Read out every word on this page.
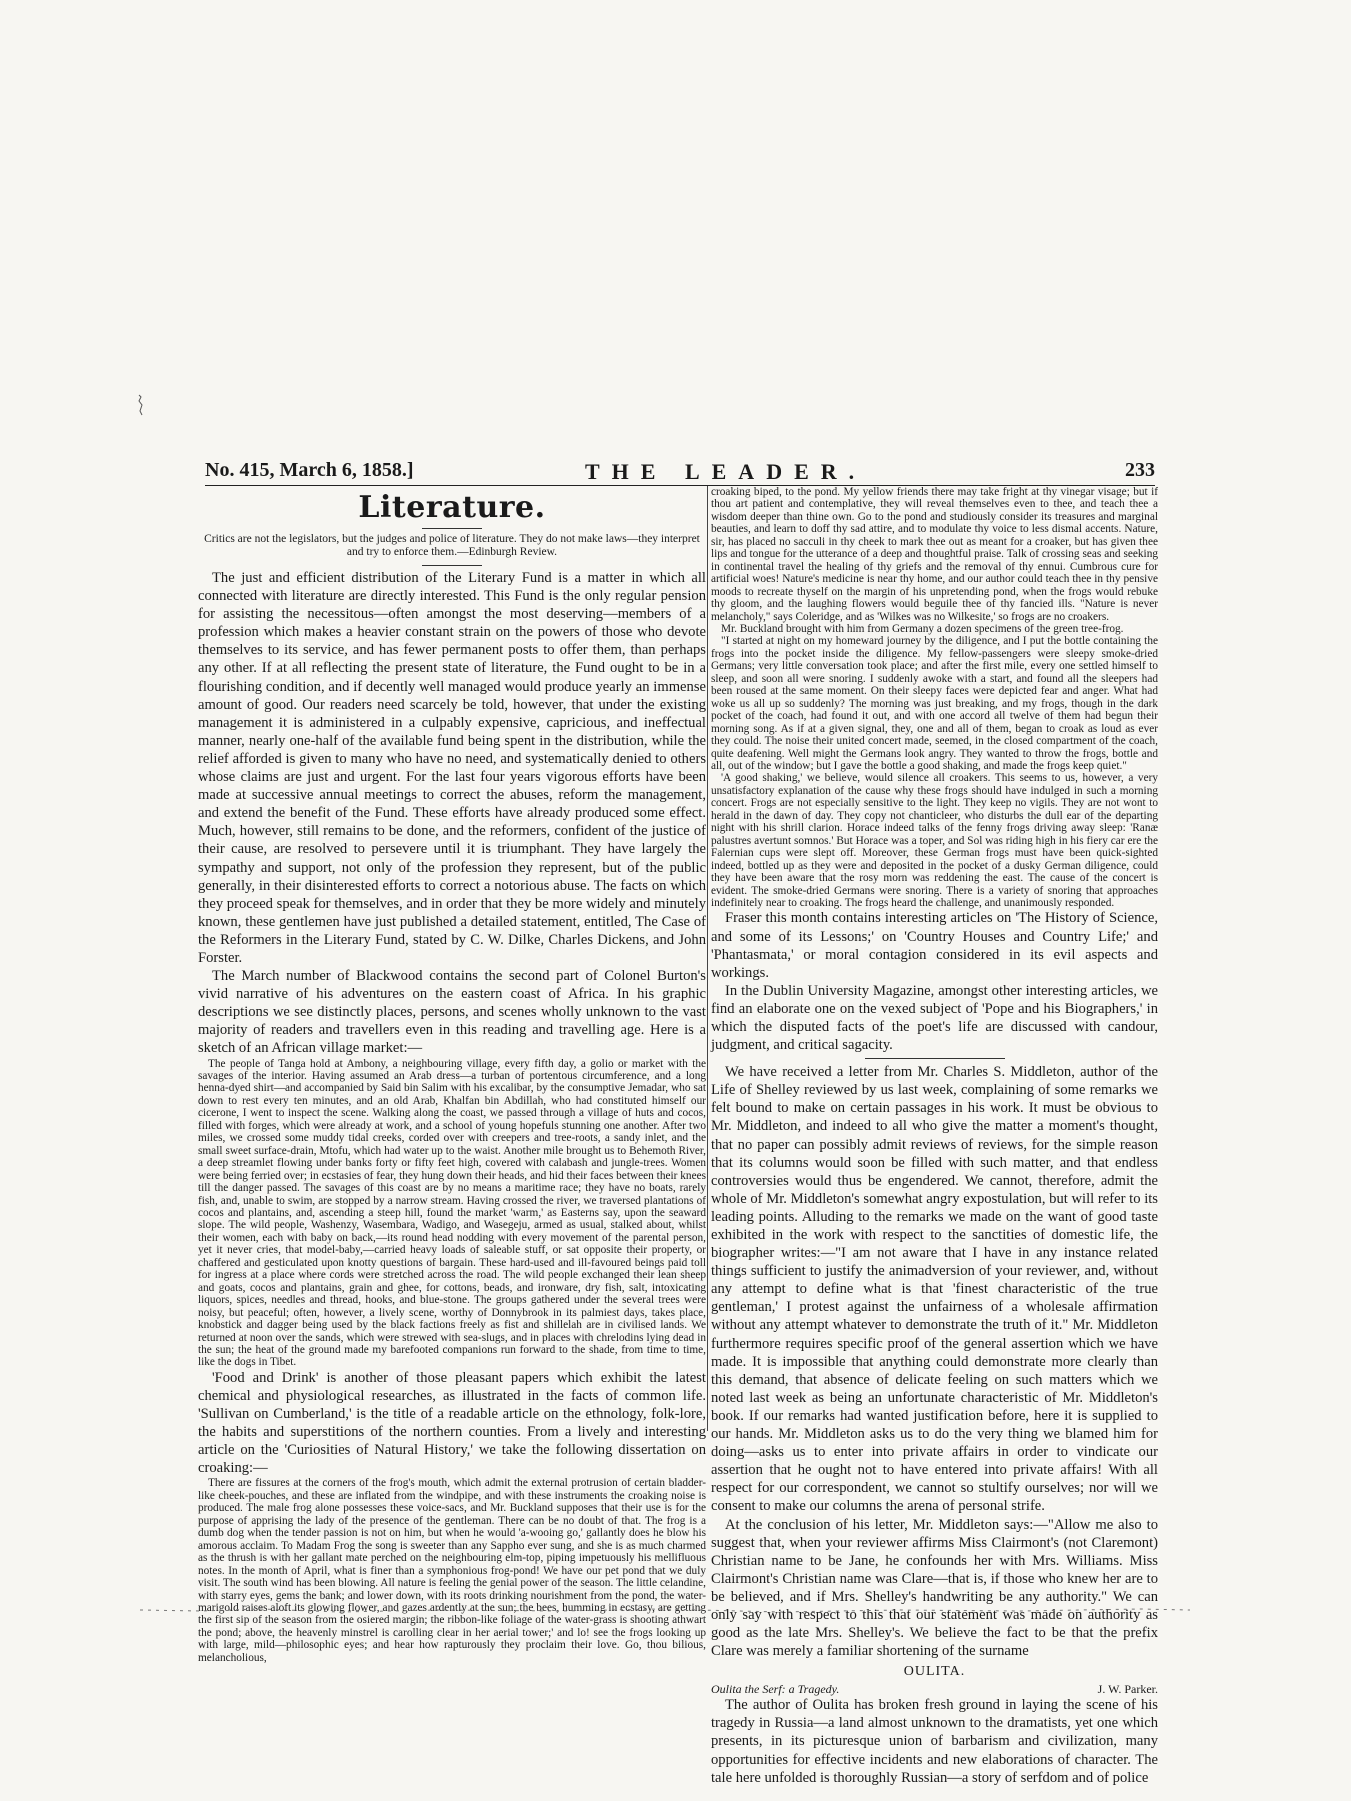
No. 415, March 6, 1858.]	THE LEADER.	233
Literature.
Critics are not the legislators, but the judges and police of literature. They do not make laws—they interpret and try to enforce them.—Edinburgh Review.

The just and efficient distribution of the Literary Fund is a matter in which all connected with literature are directly interested. This Fund is the only regular pension for assisting the necessitous—often amongst the most deserving—members of a profession which makes a heavier constant strain on the powers of those who devote themselves to its service, and has fewer permanent posts to offer them, than perhaps any other. If at all reflecting the present state of literature, the Fund ought to be in a flourishing condition, and if decently well managed would produce yearly an immense amount of good. Our readers need scarcely be told, however, that under the existing management it is administered in a culpably expensive, capricious, and ineffectual manner, nearly one-half of the available fund being spent in the distribution, while the relief afforded is given to many who have no need, and systematically denied to others whose claims are just and urgent. For the last four years vigorous efforts have been made at successive annual meetings to correct the abuses, reform the management, and extend the benefit of the Fund. These efforts have already produced some effect. Much, however, still remains to be done, and the reformers, confident of the justice of their cause, are resolved to persevere until it is triumphant. They have largely the sympathy and support, not only of the profession they represent, but of the public generally, in their disinterested efforts to correct a notorious abuse. The facts on which they proceed speak for themselves, and in order that they be more widely and minutely known, these gentlemen have just published a detailed statement, entitled, The Case of the Reformers in the Literary Fund, stated by C. W. Dilke, Charles Dickens, and John Forster.

The March number of Blackwood contains the second part of Colonel Burton's vivid narrative of his adventures on the eastern coast of Africa. In his graphic descriptions we see distinctly places, persons, and scenes wholly unknown to the vast majority of readers and travellers even in this reading and travelling age. Here is a sketch of an African village market:—

The people of Tanga hold at Ambony, a neighbouring village, every fifth day, a golio or market with the savages of the interior. Having assumed an Arab dress—a turban of portentous circumference, and a long henna-dyed shirt—and accompanied by Said bin Salim with his excalibar, by the consumptive Jemadar, who sat down to rest every ten minutes, and an old Arab, Khalfan bin Abdillah, who had constituted himself our cicerone, I went to inspect the scene. Walking along the coast, we passed through a village of huts and cocos, filled with forges, which were already at work, and a school of young hopefuls stunning one another. After two miles, we crossed some muddy tidal creeks, corded over with creepers and tree-roots, a sandy inlet, and the small sweet surface-drain, Mtofu, which had water up to the waist. Another mile brought us to Behemoth River, a deep streamlet flowing under banks forty or fifty feet high, covered with calabash and jungle-trees. Women were being ferried over; in ecstasies of fear, they hung down their heads, and hid their faces between their knees till the danger passed. The savages of this coast are by no means a maritime race; they have no boats, rarely fish, and, unable to swim, are stopped by a narrow stream. Having crossed the river, we traversed plantations of cocos and plantains, and, ascending a steep hill, found the market 'warm,' as Easterns say, upon the seaward slope. The wild people, Washenzy, Wasembara, Wadigo, and Wasegeju, armed as usual, stalked about, whilst their women, each with baby on back,—its round head nodding with every movement of the parental person, yet it never cries, that model-baby,—carried heavy loads of saleable stuff, or sat opposite their property, or chaffered and gesticulated upon knotty questions of bargain. These hard-used and ill-favoured beings paid toll for ingress at a place where cords were stretched across the road. The wild people exchanged their lean sheep and goats, cocos and plantains, grain and ghee, for cottons, beads, and ironware, dry fish, salt, intoxicating liquors, spices, needles and thread, hooks, and blue-stone. The groups gathered under the several trees were noisy, but peaceful; often, however, a lively scene, worthy of Donnybrook in its palmiest days, takes place, knobstick and dagger being used by the black factions freely as fist and shillelah are in civilised lands. We returned at noon over the sands, which were strewed with sea-slugs, and in places with chrelodins lying dead in the sun; the heat of the ground made my barefooted companions run forward to the shade, from time to time, like the dogs in Tibet.

'Food and Drink' is another of those pleasant papers which exhibit the latest chemical and physiological researches, as illustrated in the facts of common life. 'Sullivan on Cumberland,' is the title of a readable article on the ethnology, folk-lore, the habits and superstitions of the northern counties. From a lively and interesting article on the 'Curiosities of Natural History,' we take the following dissertation on croaking:—

There are fissures at the corners of the frog's mouth, which admit the external protrusion of certain bladder-like cheek-pouches, and these are inflated from the windpipe, and with these instruments the croaking noise is produced. The male frog alone possesses these voice-sacs, and Mr. Buckland supposes that their use is for the purpose of apprising the lady of the presence of the gentleman. There can be no doubt of that. The frog is a dumb dog when the tender passion is not on him, but when he would 'a-wooing go,' gallantly does he blow his amorous acclaim. To Madam Frog the song is sweeter than any Sappho ever sung, and she is as much charmed as the thrush is with her gallant mate perched on the neighbouring elm-top, piping impetuously his mellifluous notes. In the month of April, what is finer than a symphonious frog-pond! We have our pet pond that we duly visit. The south wind has been blowing. All nature is feeling the genial power of the season. The little celandine, with starry eyes, gems the bank; and lower down, with its roots drinking nourishment from the pond, the water-marigold raises aloft its glowing flower, and gazes ardently at the sun; the bees, humming in ecstasy, are getting the first sip of the season from the osiered margin; the ribbon-like foliage of the water-grass is shooting athwart the pond; above, the heavenly minstrel is carolling clear in her aerial tower;' and lo! see the frogs looking up with large, mild—philosophic eyes; and hear how rapturously they proclaim their love. Go, thou bilious, melancholious,

croaking biped, to the pond. My yellow friends there may take fright at thy vinegar visage; but if thou art patient and contemplative, they will reveal themselves even to thee, and teach thee a wisdom deeper than thine own. Go to the pond and studiously consider its treasures and marginal beauties, and learn to doff thy sad attire, and to modulate thy voice to less dismal accents. Nature, sir, has placed no sacculi in thy cheek to mark thee out as meant for a croaker, but has given thee lips and tongue for the utterance of a deep and thoughtful praise. Talk of crossing seas and seeking in continental travel the healing of thy griefs and the removal of thy ennui. Cumbrous cure for artificial woes! Nature's medicine is near thy home, and our author could teach thee in thy pensive moods to recreate thyself on the margin of his unpretending pond, when the frogs would rebuke thy gloom, and the laughing flowers would beguile thee of thy fancied ills. "Nature is never melancholy," says Coleridge, and as 'Wilkes was no Wilkesite,' so frogs are no croakers.

Mr. Buckland brought with him from Germany a dozen specimens of the green tree-frog.

"I started at night on my homeward journey by the diligence, and I put the bottle containing the frogs into the pocket inside the diligence. My fellow-passengers were sleepy smoke-dried Germans; very little conversation took place; and after the first mile, every one settled himself to sleep, and soon all were snoring. I suddenly awoke with a start, and found all the sleepers had been roused at the same moment. On their sleepy faces were depicted fear and anger. What had woke us all up so suddenly? The morning was just breaking, and my frogs, though in the dark pocket of the coach, had found it out, and with one accord all twelve of them had begun their morning song. As if at a given signal, they, one and all of them, began to croak as loud as ever they could. The noise their united concert made, seemed, in the closed compartment of the coach, quite deafening. Well might the Germans look angry. They wanted to throw the frogs, bottle and all, out of the window; but I gave the bottle a good shaking, and made the frogs keep quiet."

'A good shaking,' we believe, would silence all croakers. This seems to us, however, a very unsatisfactory explanation of the cause why these frogs should have indulged in such a morning concert. Frogs are not especially sensitive to the light. They keep no vigils. They are not wont to herald in the dawn of day. They copy not chanticleer, who disturbs the dull ear of the departing night with his shrill clarion. Horace indeed talks of the fenny frogs driving away sleep: 'Ranæ palustres avertunt somnos.' But Horace was a toper, and Sol was riding high in his fiery car ere the Falernian cups were slept off. Moreover, these German frogs must have been quick-sighted indeed, bottled up as they were and deposited in the pocket of a dusky German diligence, could they have been aware that the rosy morn was reddening the east. The cause of the concert is evident. The smoke-dried Germans were snoring. There is a variety of snoring that approaches indefinitely near to croaking. The frogs heard the challenge, and unanimously responded.

Fraser this month contains interesting articles on 'The History of Science, and some of its Lessons;' on 'Country Houses and Country Life;' and 'Phantasmata,' or moral contagion considered in its evil aspects and workings.

In the Dublin University Magazine, amongst other interesting articles, we find an elaborate one on the vexed subject of 'Pope and his Biographers,' in which the disputed facts of the poet's life are discussed with candour, judgment, and critical sagacity.

We have received a letter from Mr. Charles S. Middleton, author of the Life of Shelley reviewed by us last week, complaining of some remarks we felt bound to make on certain passages in his work. It must be obvious to Mr. Middleton, and indeed to all who give the matter a moment's thought, that no paper can possibly admit reviews of reviews, for the simple reason that its columns would soon be filled with such matter, and that endless controversies would thus be engendered. We cannot, therefore, admit the whole of Mr. Middleton's somewhat angry expostulation, but will refer to its leading points. Alluding to the remarks we made on the want of good taste exhibited in the work with respect to the sanctities of domestic life, the biographer writes:—"I am not aware that I have in any instance related things sufficient to justify the animadversion of your reviewer, and, without any attempt to define what is that 'finest characteristic of the true gentleman,' I protest against the unfairness of a wholesale affirmation without any attempt whatever to demonstrate the truth of it." Mr. Middleton furthermore requires specific proof of the general assertion which we have made. It is impossible that anything could demonstrate more clearly than this demand, that absence of delicate feeling on such matters which we noted last week as being an unfortunate characteristic of Mr. Middleton's book. If our remarks had wanted justification before, here it is supplied to our hands. Mr. Middleton asks us to do the very thing we blamed him for doing—asks us to enter into private affairs in order to vindicate our assertion that he ought not to have entered into private affairs! With all respect for our correspondent, we cannot so stultify ourselves; nor will we consent to make our columns the arena of personal strife.

At the conclusion of his letter, Mr. Middleton says:—"Allow me also to suggest that, when your reviewer affirms Miss Clairmont's (not Claremont) Christian name to be Jane, he confounds her with Mrs. Williams. Miss Clairmont's Christian name was Clare—that is, if those who knew her are to be believed, and if Mrs. Shelley's handwriting be any authority." We can only say with respect to this that our statement was made on authority as good as the late Mrs. Shelley's. We believe the fact to be that the prefix Clare was merely a familiar shortening of the surname

OULITA.
Oulita the Serf: a Tragedy.	J. W. Parker.

The author of Oulita has broken fresh ground in laying the scene of his tragedy in Russia—a land almost unknown to the dramatists, yet one which presents, in its picturesque union of barbarism and civilization, many opportunities for effective incidents and new elaborations of character. The tale here unfolded is thoroughly Russian—a story of serfdom and of police
